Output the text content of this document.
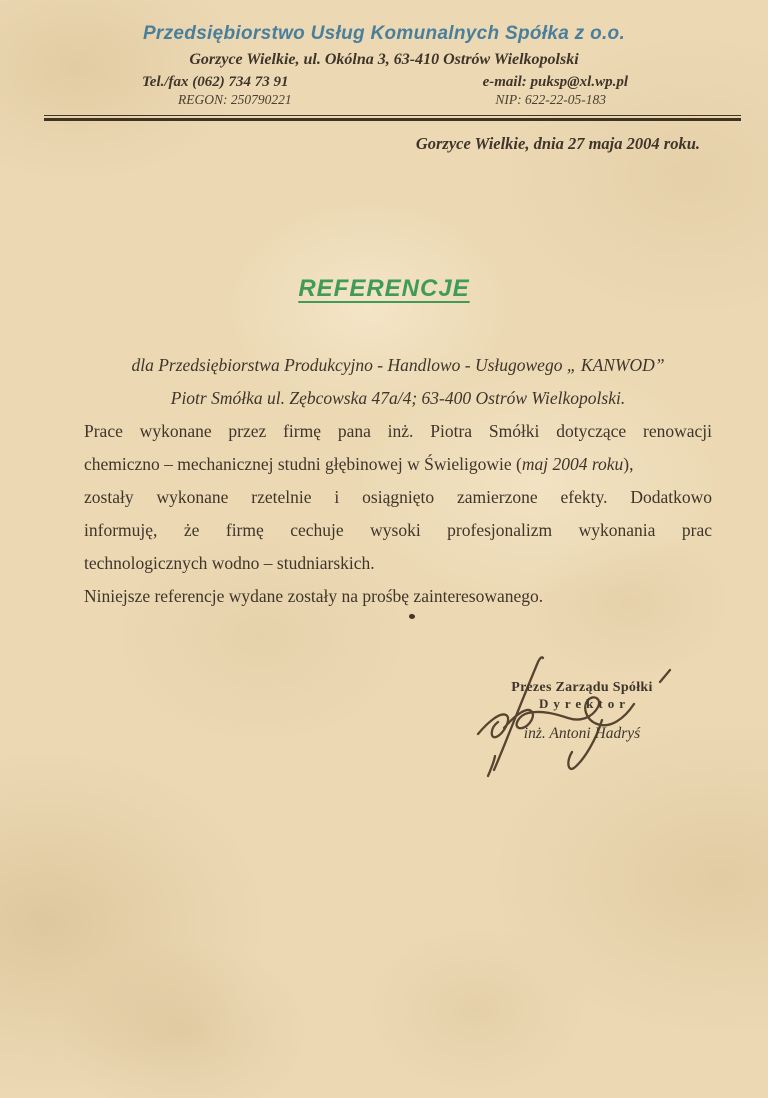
Przedsiębiorstwo Usług Komunalnych Spółka z o.o.
Gorzyce Wielkie, ul. Okólna 3, 63-410 Ostrów Wielkopolski
Tel./fax (062) 734 73 91	e-mail: puksp@xl.wp.pl
REGON: 250790221	NIP: 622-22-05-183
Gorzyce Wielkie, dnia 27 maja 2004 roku.
REFERENCJE
dla Przedsiębiorstwa Produkcyjno - Handlowo - Usługowego „ KANWOD”
Piotr Smółka ul. Zębcowska 47a/4; 63-400 Ostrów Wielkopolski.
Prace wykonane przez firmę pana inż. Piotra Smółki dotyczące renowacji
chemiczno – mechanicznej studni głębinowej w Świeligowie (maj 2004 roku),
zostały wykonane rzetelnie i osiągnięto zamierzone efekty. Dodatkowo
informuję, że firmę cechuje wysoki profesjonalizm wykonania prac
technologicznych wodno – studniarskich.
Niniejsze referencje wydane zostały na prośbę zainteresowanego.
Prezes Zarządu Spółki
Dyrektor
inż. Antoni Hadryś
